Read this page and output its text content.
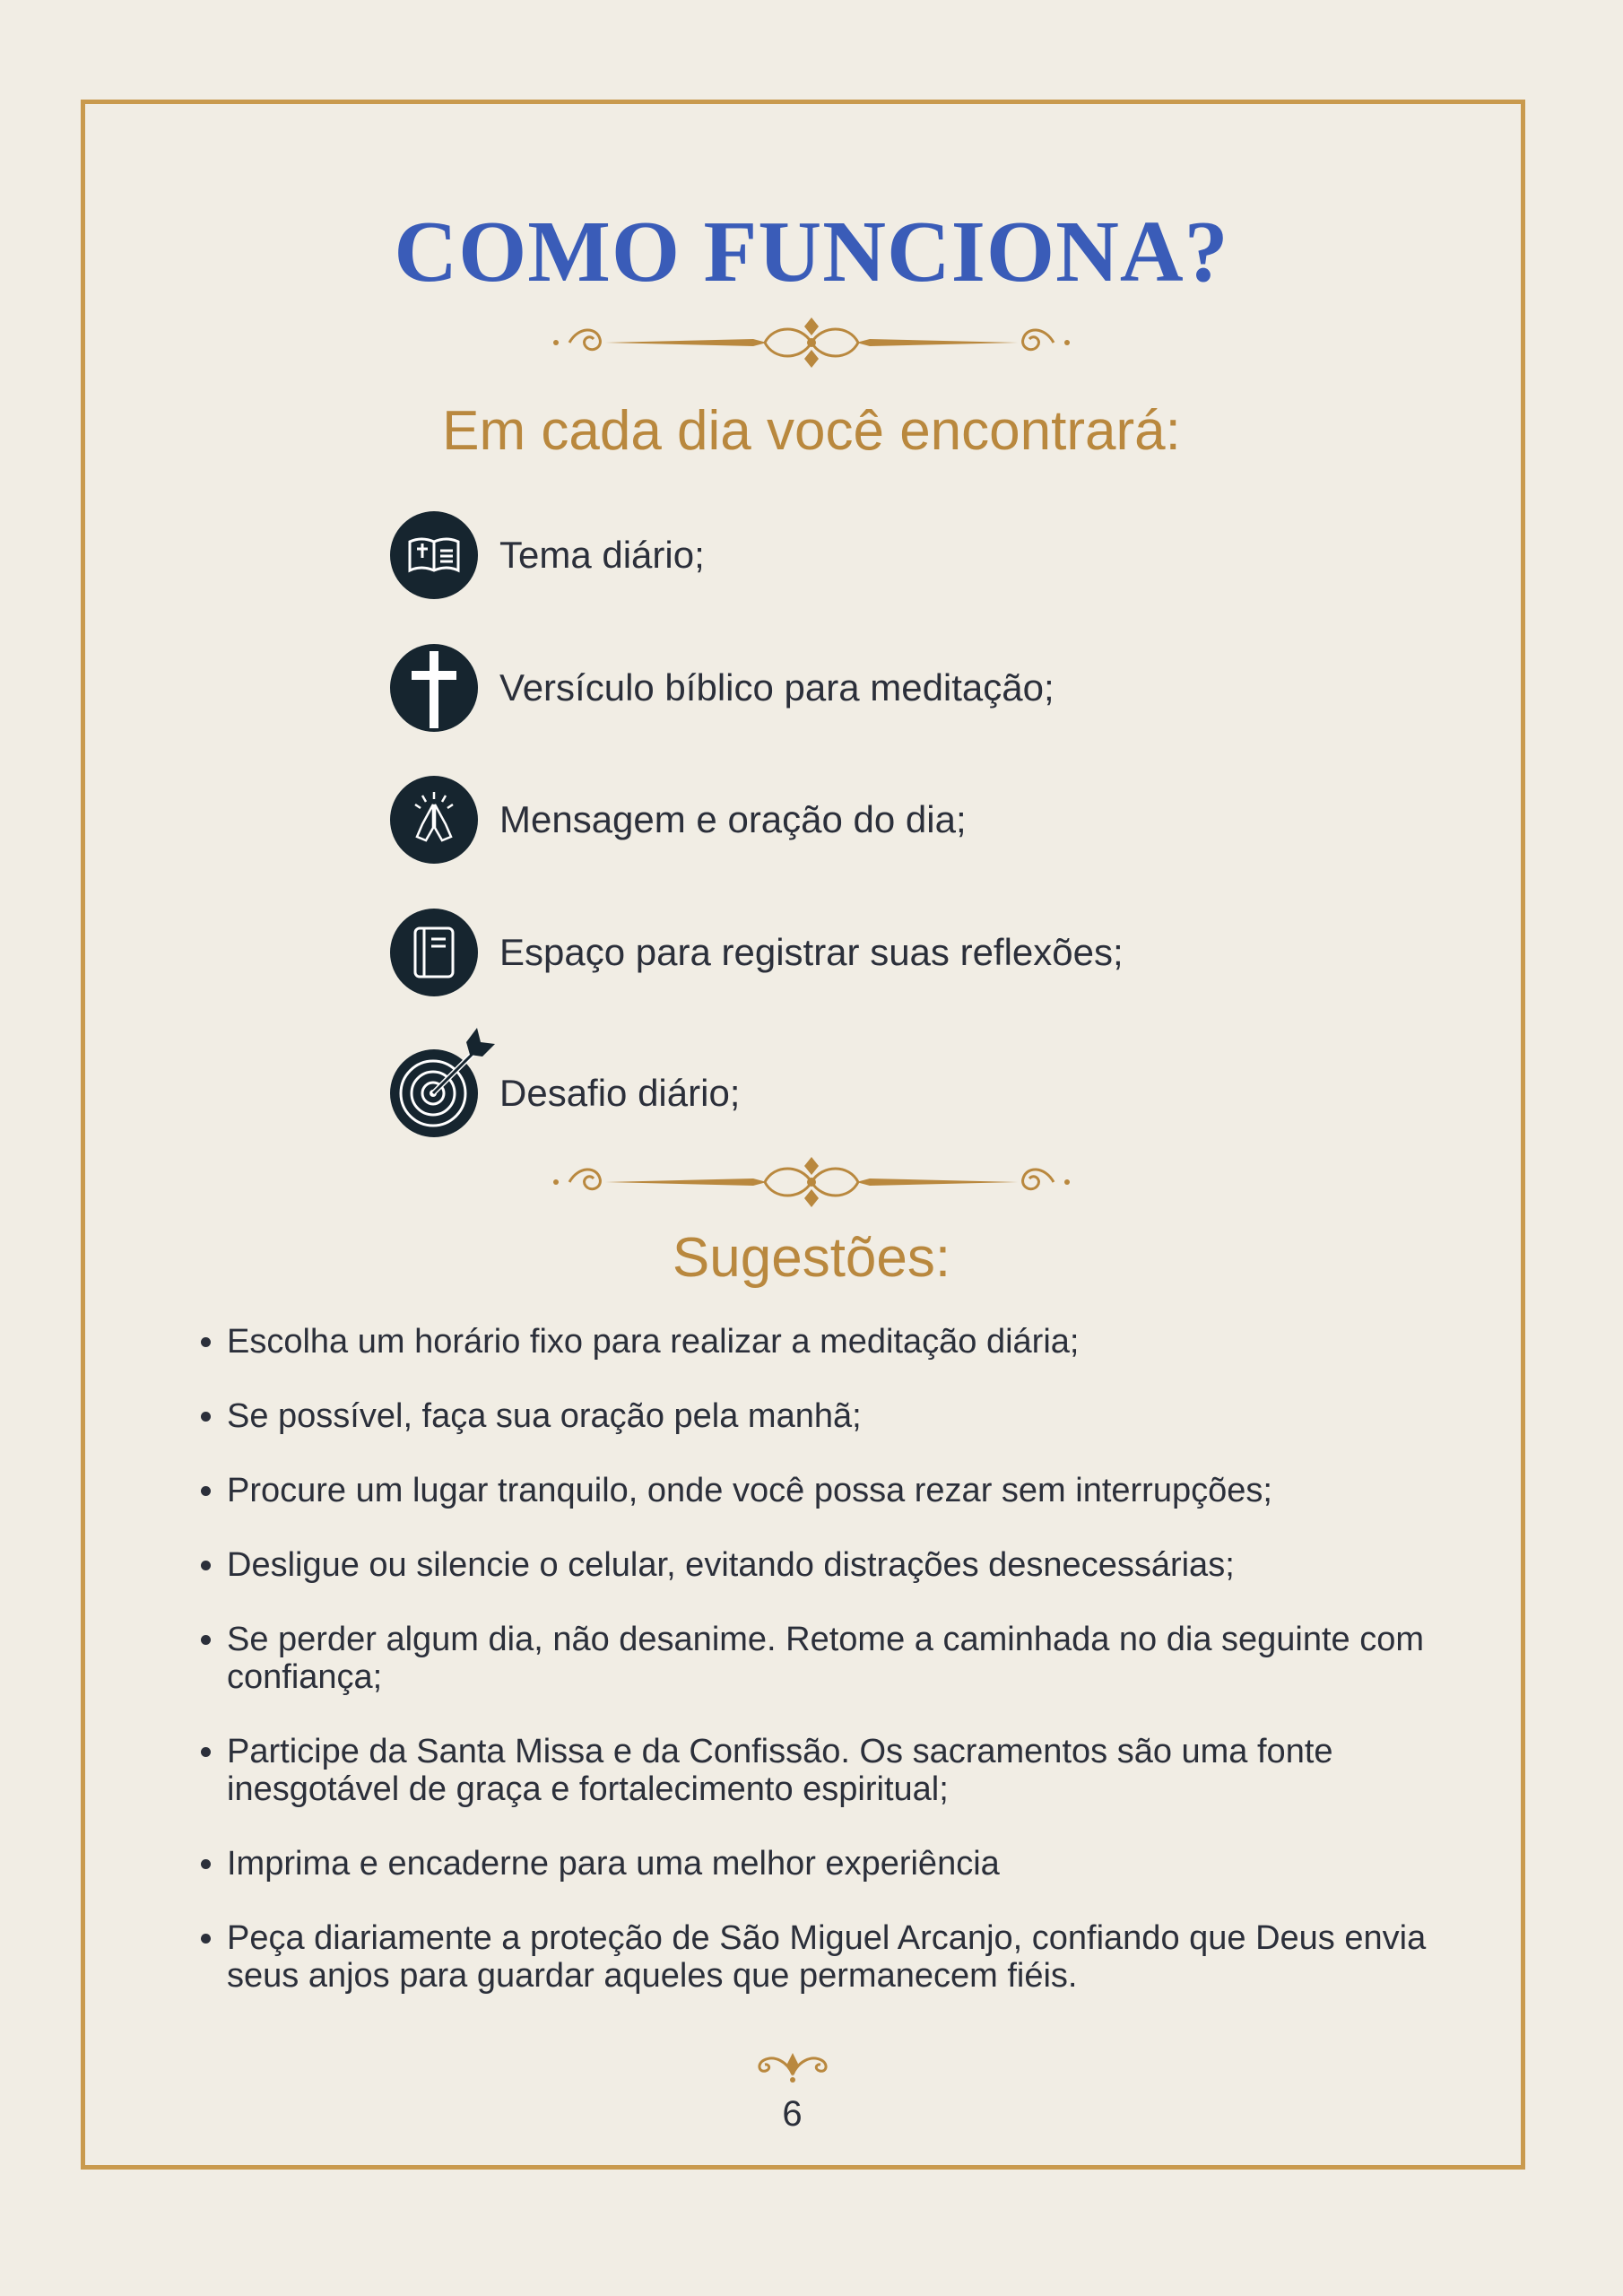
COMO FUNCIONA?
Em cada dia você encontrará:
Tema diário;
Versículo bíblico para meditação;
Mensagem e oração do dia;
Espaço para registrar suas reflexões;
Desafio diário;
Sugestões:
Escolha um horário fixo para realizar a meditação diária;
Se possível, faça sua oração pela manhã;
Procure um lugar tranquilo, onde você possa rezar sem interrupções;
Desligue ou silencie o celular, evitando distrações desnecessárias;
Se perder algum dia, não desanime. Retome a caminhada no dia seguinte com confiança;
Participe da Santa Missa e da Confissão. Os sacramentos são uma fonte inesgotável de graça e fortalecimento espiritual;
Imprima e encaderne para uma melhor experiência
Peça diariamente a proteção de São Miguel Arcanjo, confiando que Deus envia seus anjos para guardar aqueles que permanecem fiéis.
6
